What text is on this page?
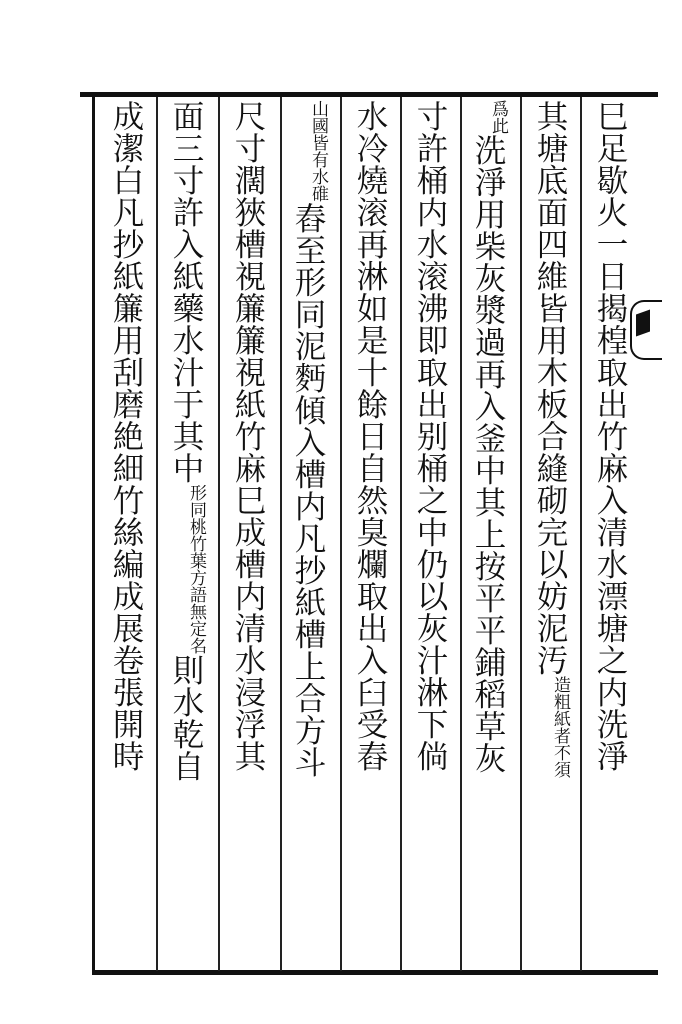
巳足歇火一日揭楻取出竹麻入清水漂塘之内洗淨
其塘底面四維皆用木板合縫砌完以妨泥汚造粗紙者不須
爲此洗淨用柴灰漿過再入釜中其上按平平鋪稻草灰
寸許桶内水滚沸即取出别桶之中仍以灰汁淋下倘
水冷燒滚再淋如是十餘日自然臭爛取出入臼受舂
山國皆有水碓舂至形同泥麪傾入槽内凡抄紙槽上合方斗
尺寸濶狹槽視簾簾視紙竹麻巳成槽内清水浸浮其
面三寸許入紙藥水汁于其中形同桃竹葉方語無定名則水乾自
成潔白凡抄紙簾用刮磨絶細竹絲編成展卷張開時
